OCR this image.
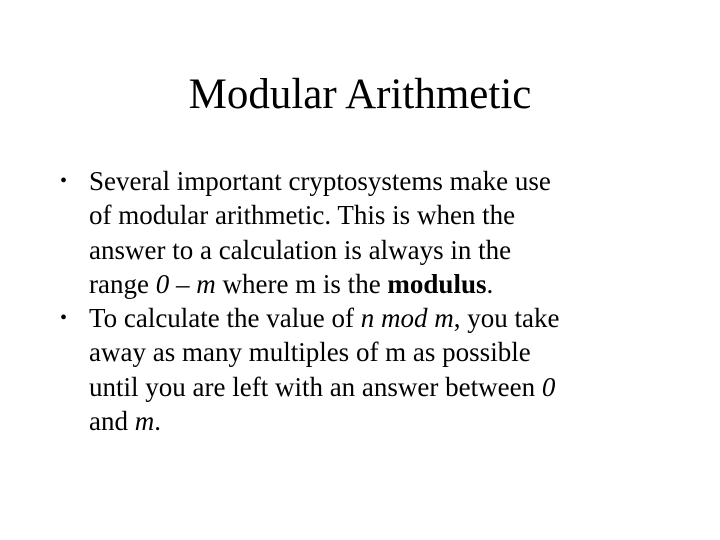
Modular Arithmetic
• Several important cryptosystems make use
of modular arithmetic. This is when the
answer to a calculation is always in the
range 0 – m where m is the modulus.
• To calculate the value of n mod m, you take
away as many multiples of m as possible
until you are left with an answer between 0
and m.
